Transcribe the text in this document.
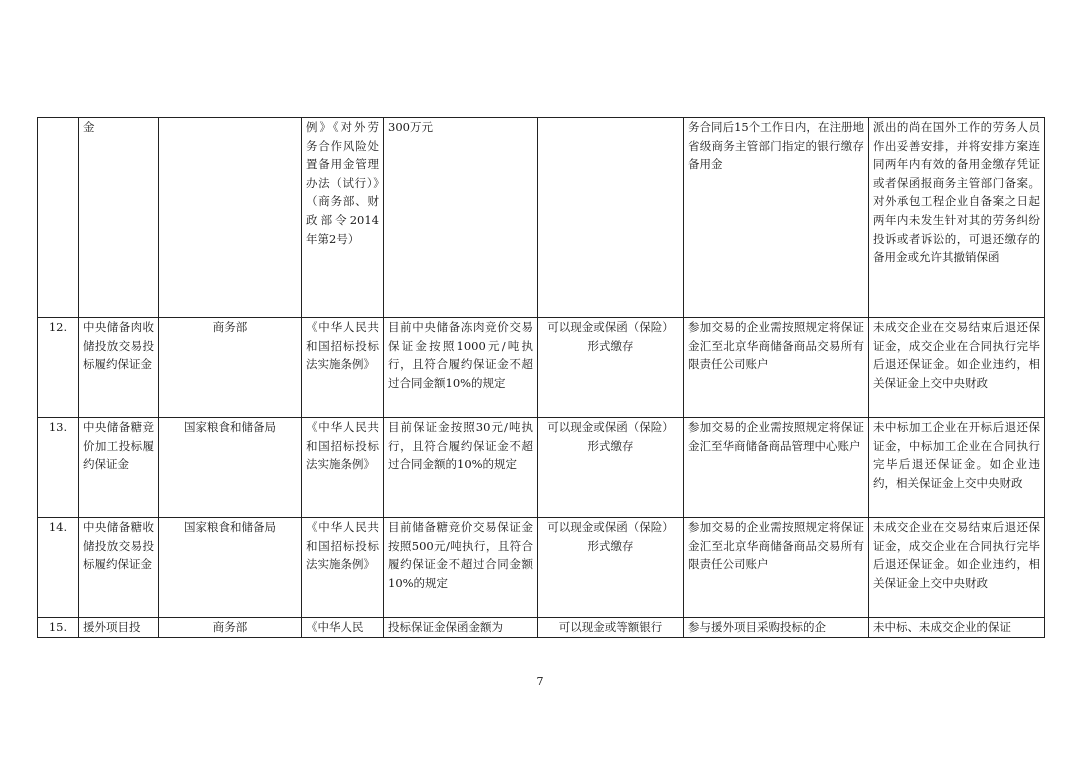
	金		例》《对外劳务合作风险处置备用金管理办法（试行）》（商务部、财政部令2014年第2号）	300万元		务合同后15个工作日内，在注册地省级商务主管部门指定的银行缴存备用金	派出的尚在国外工作的劳务人员作出妥善安排，并将安排方案连同两年内有效的备用金缴存凭证或者保函报商务主管部门备案。对外承包工程企业自备案之日起两年内未发生针对其的劳务纠纷投诉或者诉讼的，可退还缴存的备用金或允许其撤销保函
12.	中央储备肉收储投放交易投标履约保证金	商务部	《中华人民共和国招标投标法实施条例》	目前中央储备冻肉竞价交易保证金按照1000元/吨执行，且符合履约保证金不超过合同金额10%的规定	可以现金或保函（保险）形式缴存	参加交易的企业需按照规定将保证金汇至北京华商储备商品交易所有限责任公司账户	未成交企业在交易结束后退还保证金，成交企业在合同执行完毕后退还保证金。如企业违约，相关保证金上交中央财政
13.	中央储备糖竞价加工投标履约保证金	国家粮食和储备局	《中华人民共和国招标投标法实施条例》	目前保证金按照30元/吨执行，且符合履约保证金不超过合同金额的10%的规定	可以现金或保函（保险）形式缴存	参加交易的企业需按照规定将保证金汇至华商储备商品管理中心账户	未中标加工企业在开标后退还保证金，中标加工企业在合同执行完毕后退还保证金。如企业违约，相关保证金上交中央财政
14.	中央储备糖收储投放交易投标履约保证金	国家粮食和储备局	《中华人民共和国招标投标法实施条例》	目前储备糖竞价交易保证金按照500元/吨执行，且符合履约保证金不超过合同金额10%的规定	可以现金或保函（保险）形式缴存	参加交易的企业需按照规定将保证金汇至北京华商储备商品交易所有限责任公司账户	未成交企业在交易结束后退还保证金，成交企业在合同执行完毕后退还保证金。如企业违约，相关保证金上交中央财政
15.	援外项目投	商务部	《中华人民	投标保证金保函金额为	可以现金或等额银行	参与援外项目采购投标的企	未中标、未成交企业的保证
7
